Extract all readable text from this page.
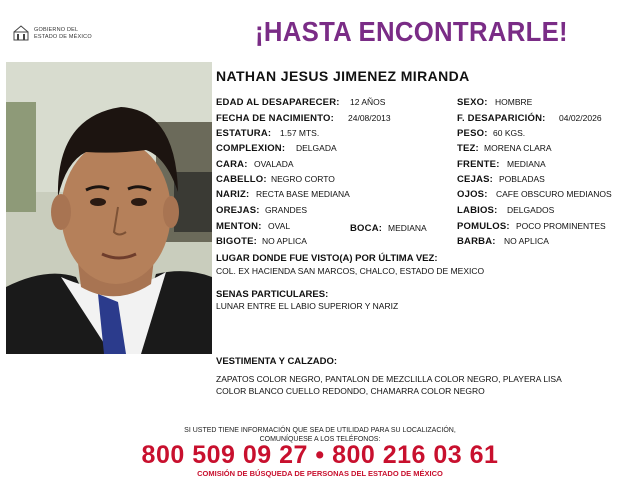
GOBIERNO DEL
ESTADO DE MÉXICO	¡HASTA ENCONTRARLE!
NATHAN JESUS JIMENEZ MIRANDA
EDAD AL DESAPARECER: 12 AÑOS
FECHA DE NACIMIENTO: 24/08/2013
ESTATURA: 1.57 MTS.
COMPLEXION: DELGADA
CARA: OVALADA
CABELLO: NEGRO CORTO
NARIZ: RECTA BASE MEDIANA
OREJAS: GRANDES
MENTON: OVAL
BIGOTE: NO APLICA
BOCA: MEDIANA
SEXO: HOMBRE
F. DESAPARICIÓN: 04/02/2026
PESO: 60 KGS.
TEZ: MORENA CLARA
FRENTE: MEDIANA
CEJAS: POBLADAS
OJOS: CAFE OBSCURO MEDIANOS
LABIOS: DELGADOS
POMULOS: POCO PROMINENTES
BARBA: NO APLICA
LUGAR DONDE FUE VISTO(A) POR ÚLTIMA VEZ:
COL. EX HACIENDA SAN MARCOS, CHALCO, ESTADO DE MEXICO
SENAS PARTICULARES:
LUNAR ENTRE EL LABIO SUPERIOR Y NARIZ
VESTIMENTA Y CALZADO:
ZAPATOS COLOR NEGRO, PANTALON DE MEZCLILLA COLOR NEGRO, PLAYERA LISA
COLOR BLANCO CUELLO REDONDO, CHAMARRA COLOR NEGRO
SI USTED TIENE INFORMACIÓN QUE SEA DE UTILIDAD PARA SU LOCALIZACIÓN,
COMUNÍQUESE A LOS TELÉFONOS:
800 509 09 27 • 800 216 03 61
COMISIÓN DE BÚSQUEDA DE PERSONAS DEL ESTADO DE MÉXICO
